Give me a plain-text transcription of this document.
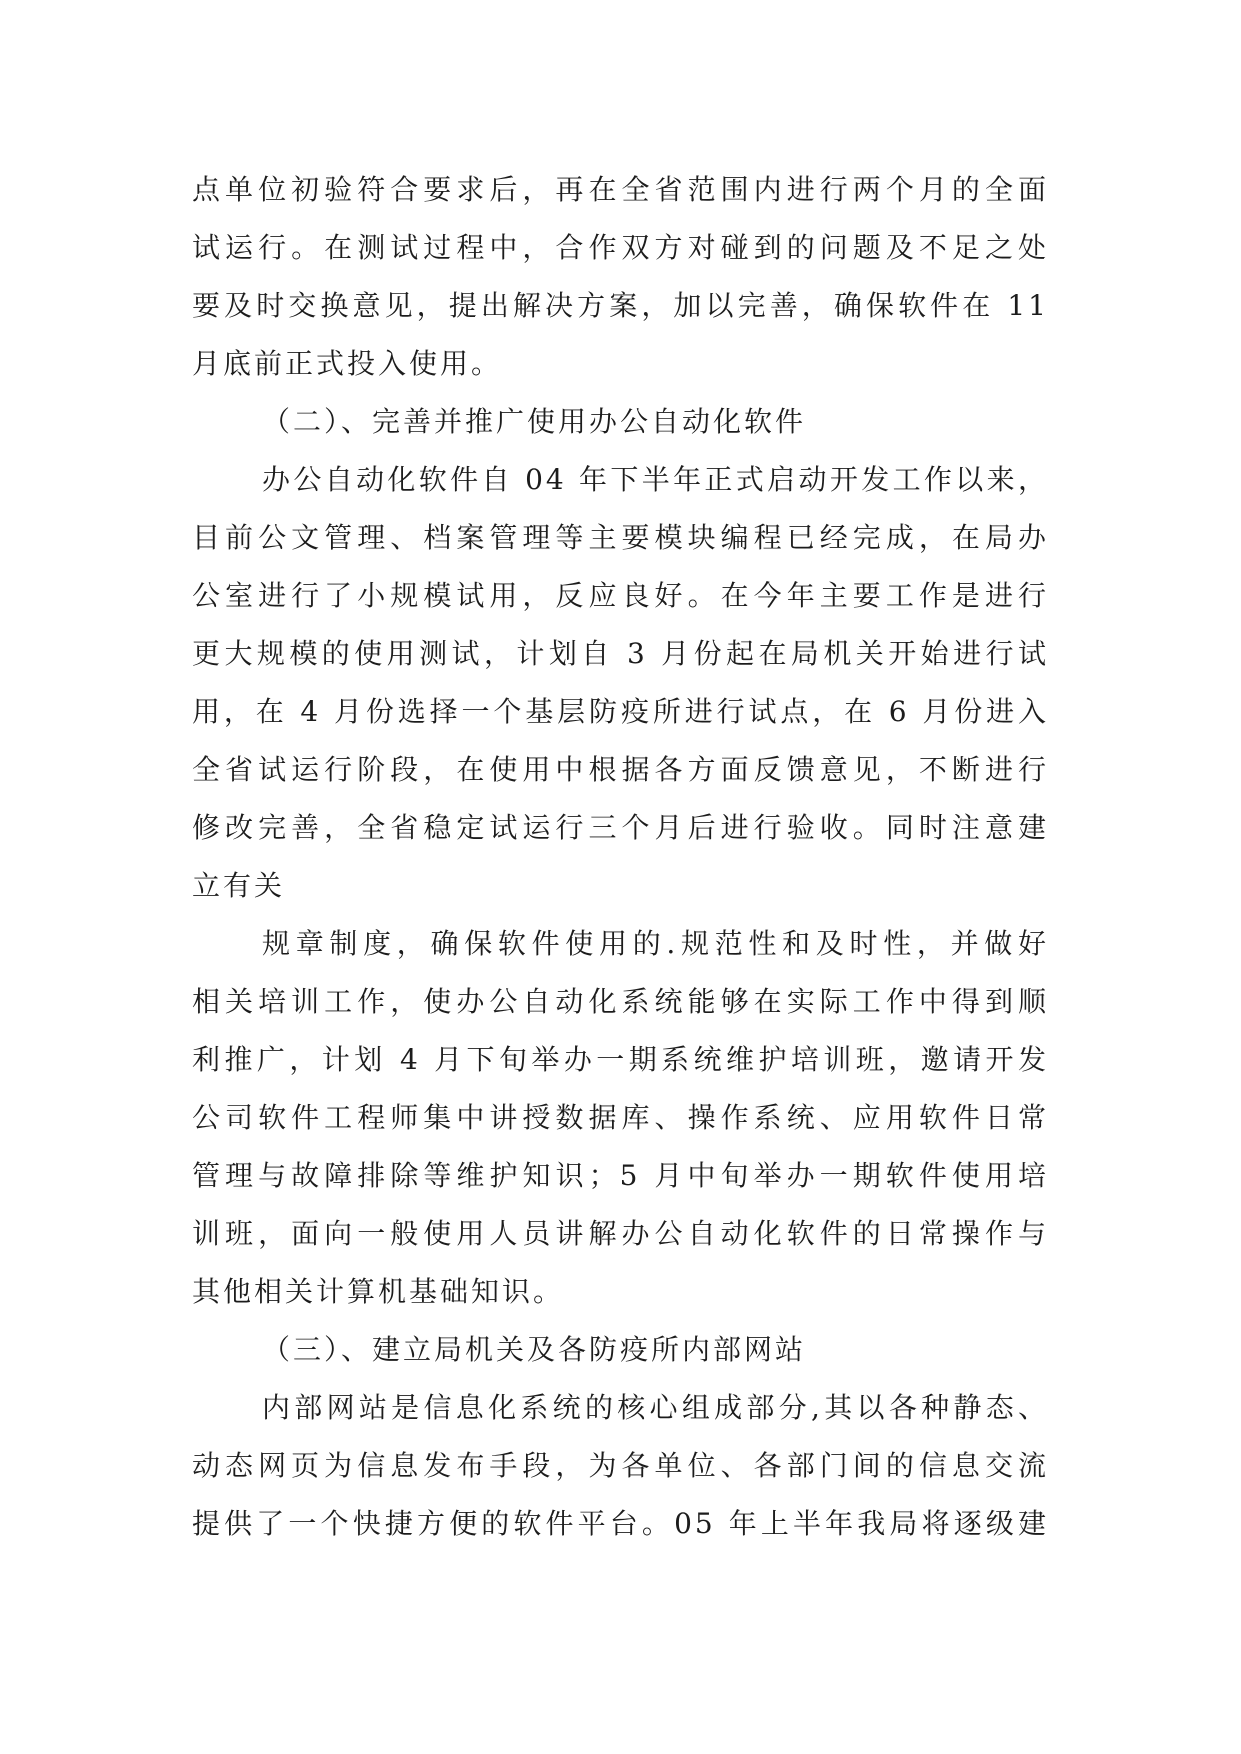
点单位初验符合要求后，再在全省范围内进行两个月的全面
试运行。在测试过程中，合作双方对碰到的问题及不足之处
要及时交换意见，提出解决方案，加以完善，确保软件在 11
月底前正式投入使用。
（二）、完善并推广使用办公自动化软件
办公自动化软件自 04 年下半年正式启动开发工作以来，
目前公文管理、档案管理等主要模块编程已经完成，在局办
公室进行了小规模试用，反应良好。在今年主要工作是进行
更大规模的使用测试，计划自 3 月份起在局机关开始进行试
用，在 4 月份选择一个基层防疫所进行试点，在 6 月份进入
全省试运行阶段，在使用中根据各方面反馈意见，不断进行
修改完善，全省稳定试运行三个月后进行验收。同时注意建
立有关
规章制度，确保软件使用的.规范性和及时性，并做好
相关培训工作，使办公自动化系统能够在实际工作中得到顺
利推广，计划 4 月下旬举办一期系统维护培训班，邀请开发
公司软件工程师集中讲授数据库、操作系统、应用软件日常
管理与故障排除等维护知识；5 月中旬举办一期软件使用培
训班，面向一般使用人员讲解办公自动化软件的日常操作与
其他相关计算机基础知识。
（三）、建立局机关及各防疫所内部网站
内部网站是信息化系统的核心组成部分,其以各种静态、
动态网页为信息发布手段，为各单位、各部门间的信息交流
提供了一个快捷方便的软件平台。05 年上半年我局将逐级建
